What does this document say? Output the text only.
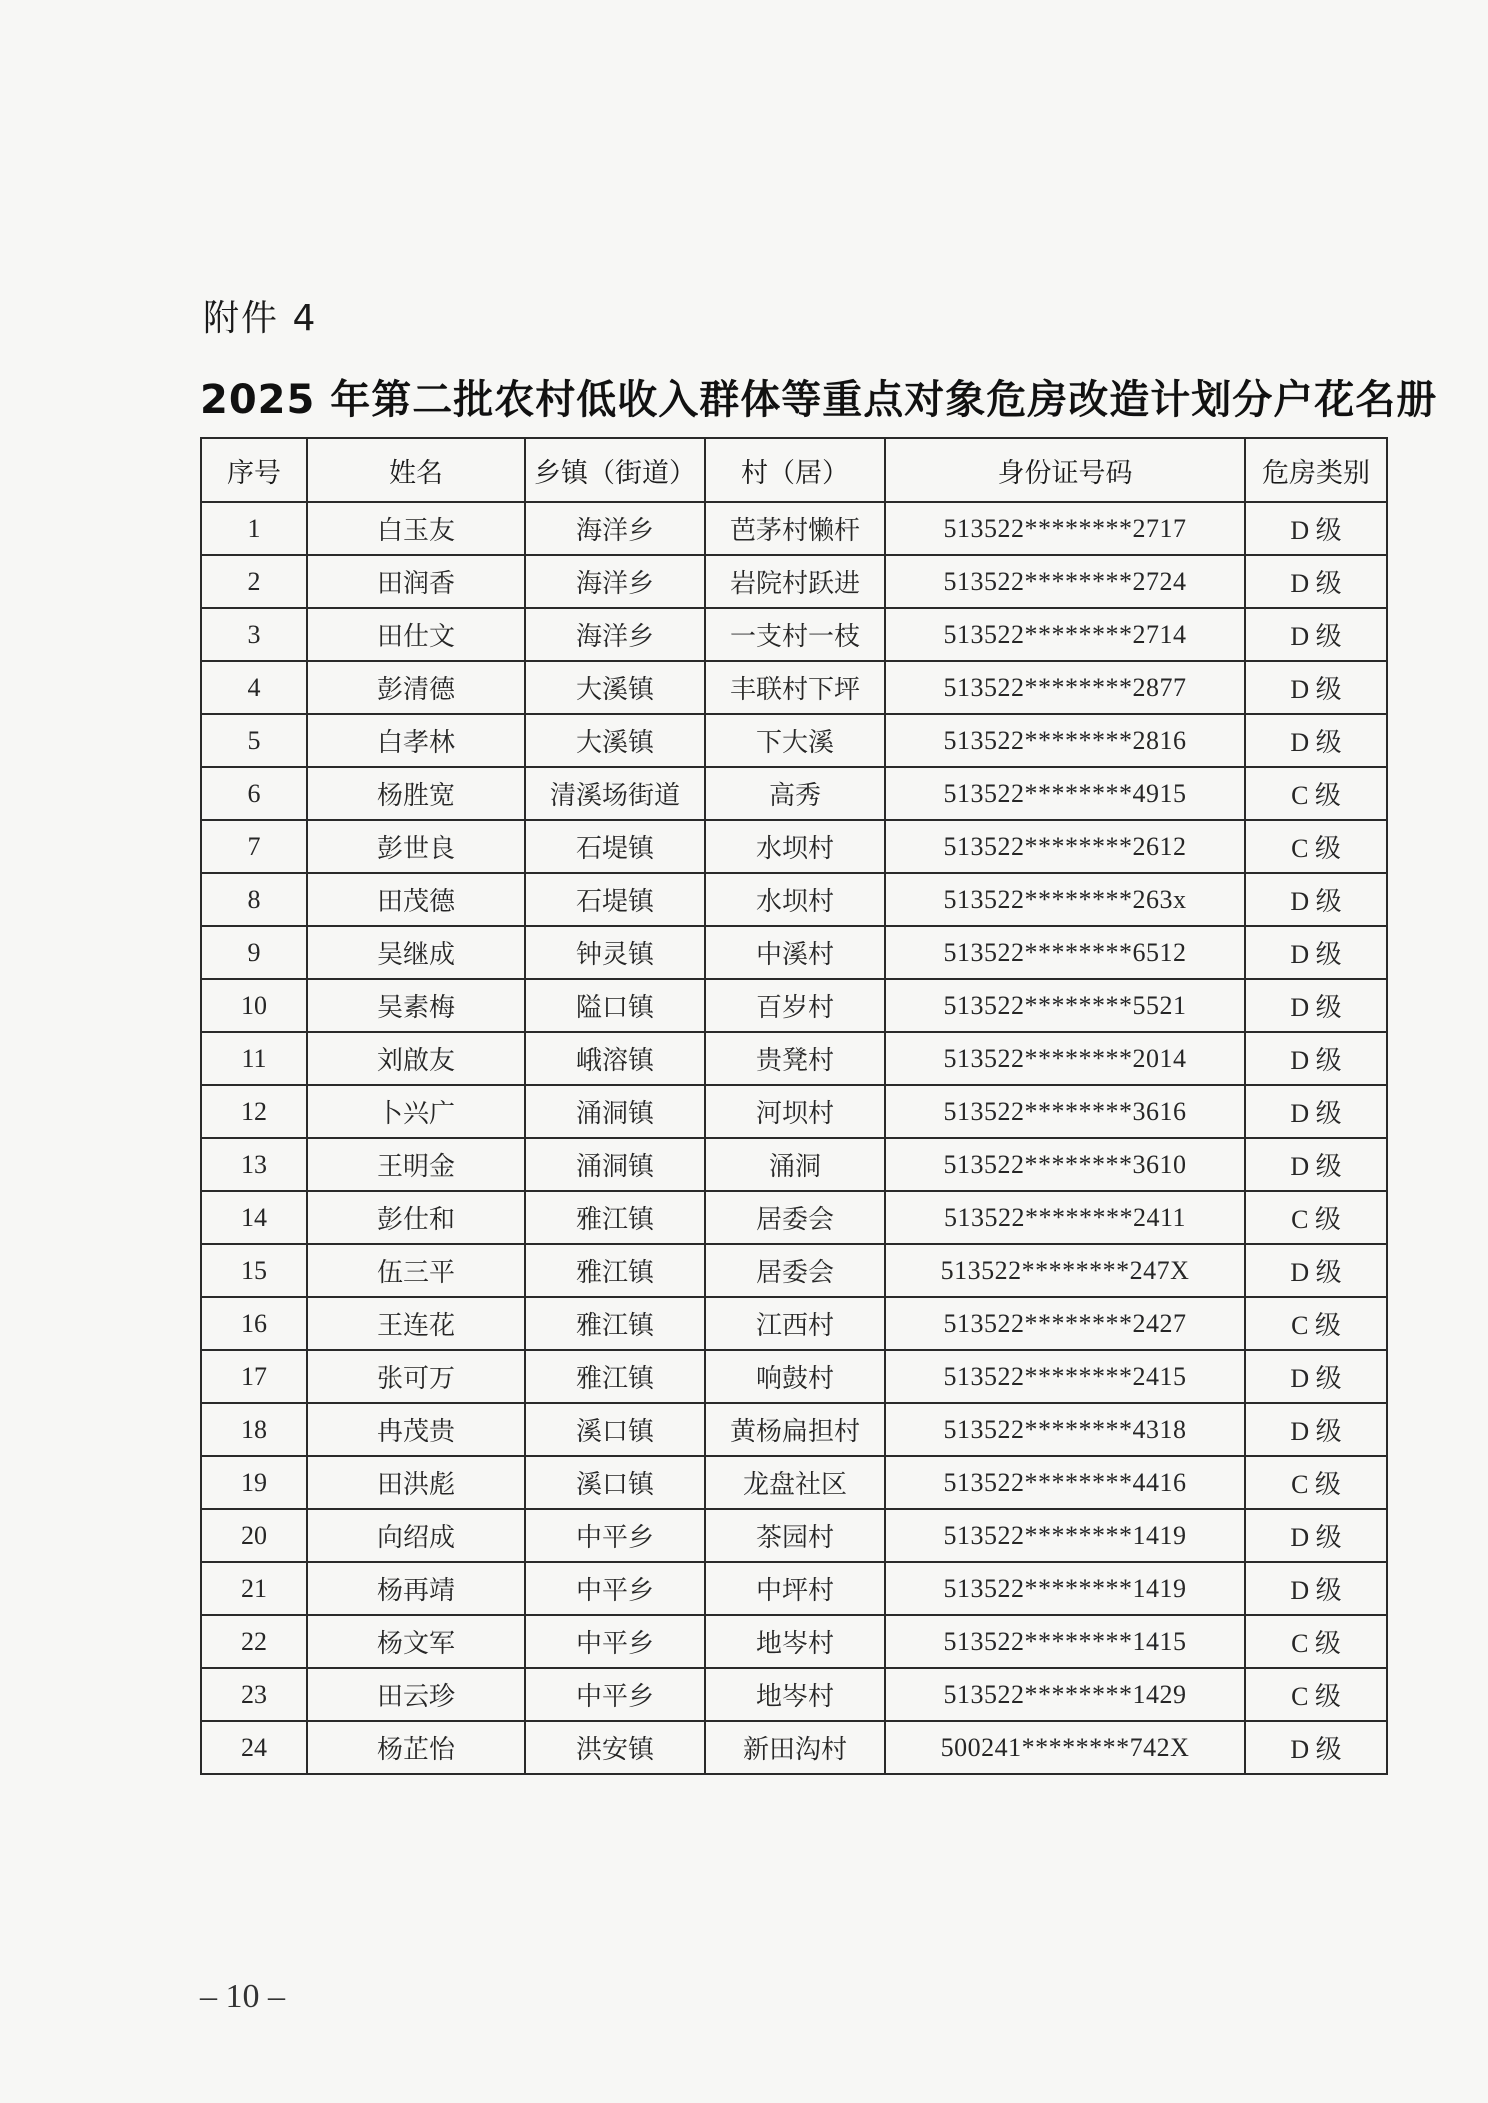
附件 4
2025 年第二批农村低收入群体等重点对象危房改造计划分户花名册
序号	姓名	乡镇（街道）	村（居）	身份证号码	危房类别
1	白玉友	海洋乡	芭茅村懒杆	513522********2717	D 级
2	田润香	海洋乡	岩院村跃进	513522********2724	D 级
3	田仕文	海洋乡	一支村一枝	513522********2714	D 级
4	彭清德	大溪镇	丰联村下坪	513522********2877	D 级
5	白孝林	大溪镇	下大溪	513522********2816	D 级
6	杨胜宽	清溪场街道	高秀	513522********4915	C 级
7	彭世良	石堤镇	水坝村	513522********2612	C 级
8	田茂德	石堤镇	水坝村	513522********263x	D 级
9	吴继成	钟灵镇	中溪村	513522********6512	D 级
10	吴素梅	隘口镇	百岁村	513522********5521	D 级
11	刘啟友	峨溶镇	贵凳村	513522********2014	D 级
12	卜兴广	涌洞镇	河坝村	513522********3616	D 级
13	王明金	涌洞镇	涌洞	513522********3610	D 级
14	彭仕和	雅江镇	居委会	513522********2411	C 级
15	伍三平	雅江镇	居委会	513522********247X	D 级
16	王连花	雅江镇	江西村	513522********2427	C 级
17	张可万	雅江镇	响鼓村	513522********2415	D 级
18	冉茂贵	溪口镇	黄杨扁担村	513522********4318	D 级
19	田洪彪	溪口镇	龙盘社区	513522********4416	C 级
20	向绍成	中平乡	茶园村	513522********1419	D 级
21	杨再靖	中平乡	中坪村	513522********1419	D 级
22	杨文军	中平乡	地岑村	513522********1415	C 级
23	田云珍	中平乡	地岑村	513522********1429	C 级
24	杨芷怡	洪安镇	新田沟村	500241********742X	D 级
– 10 –
